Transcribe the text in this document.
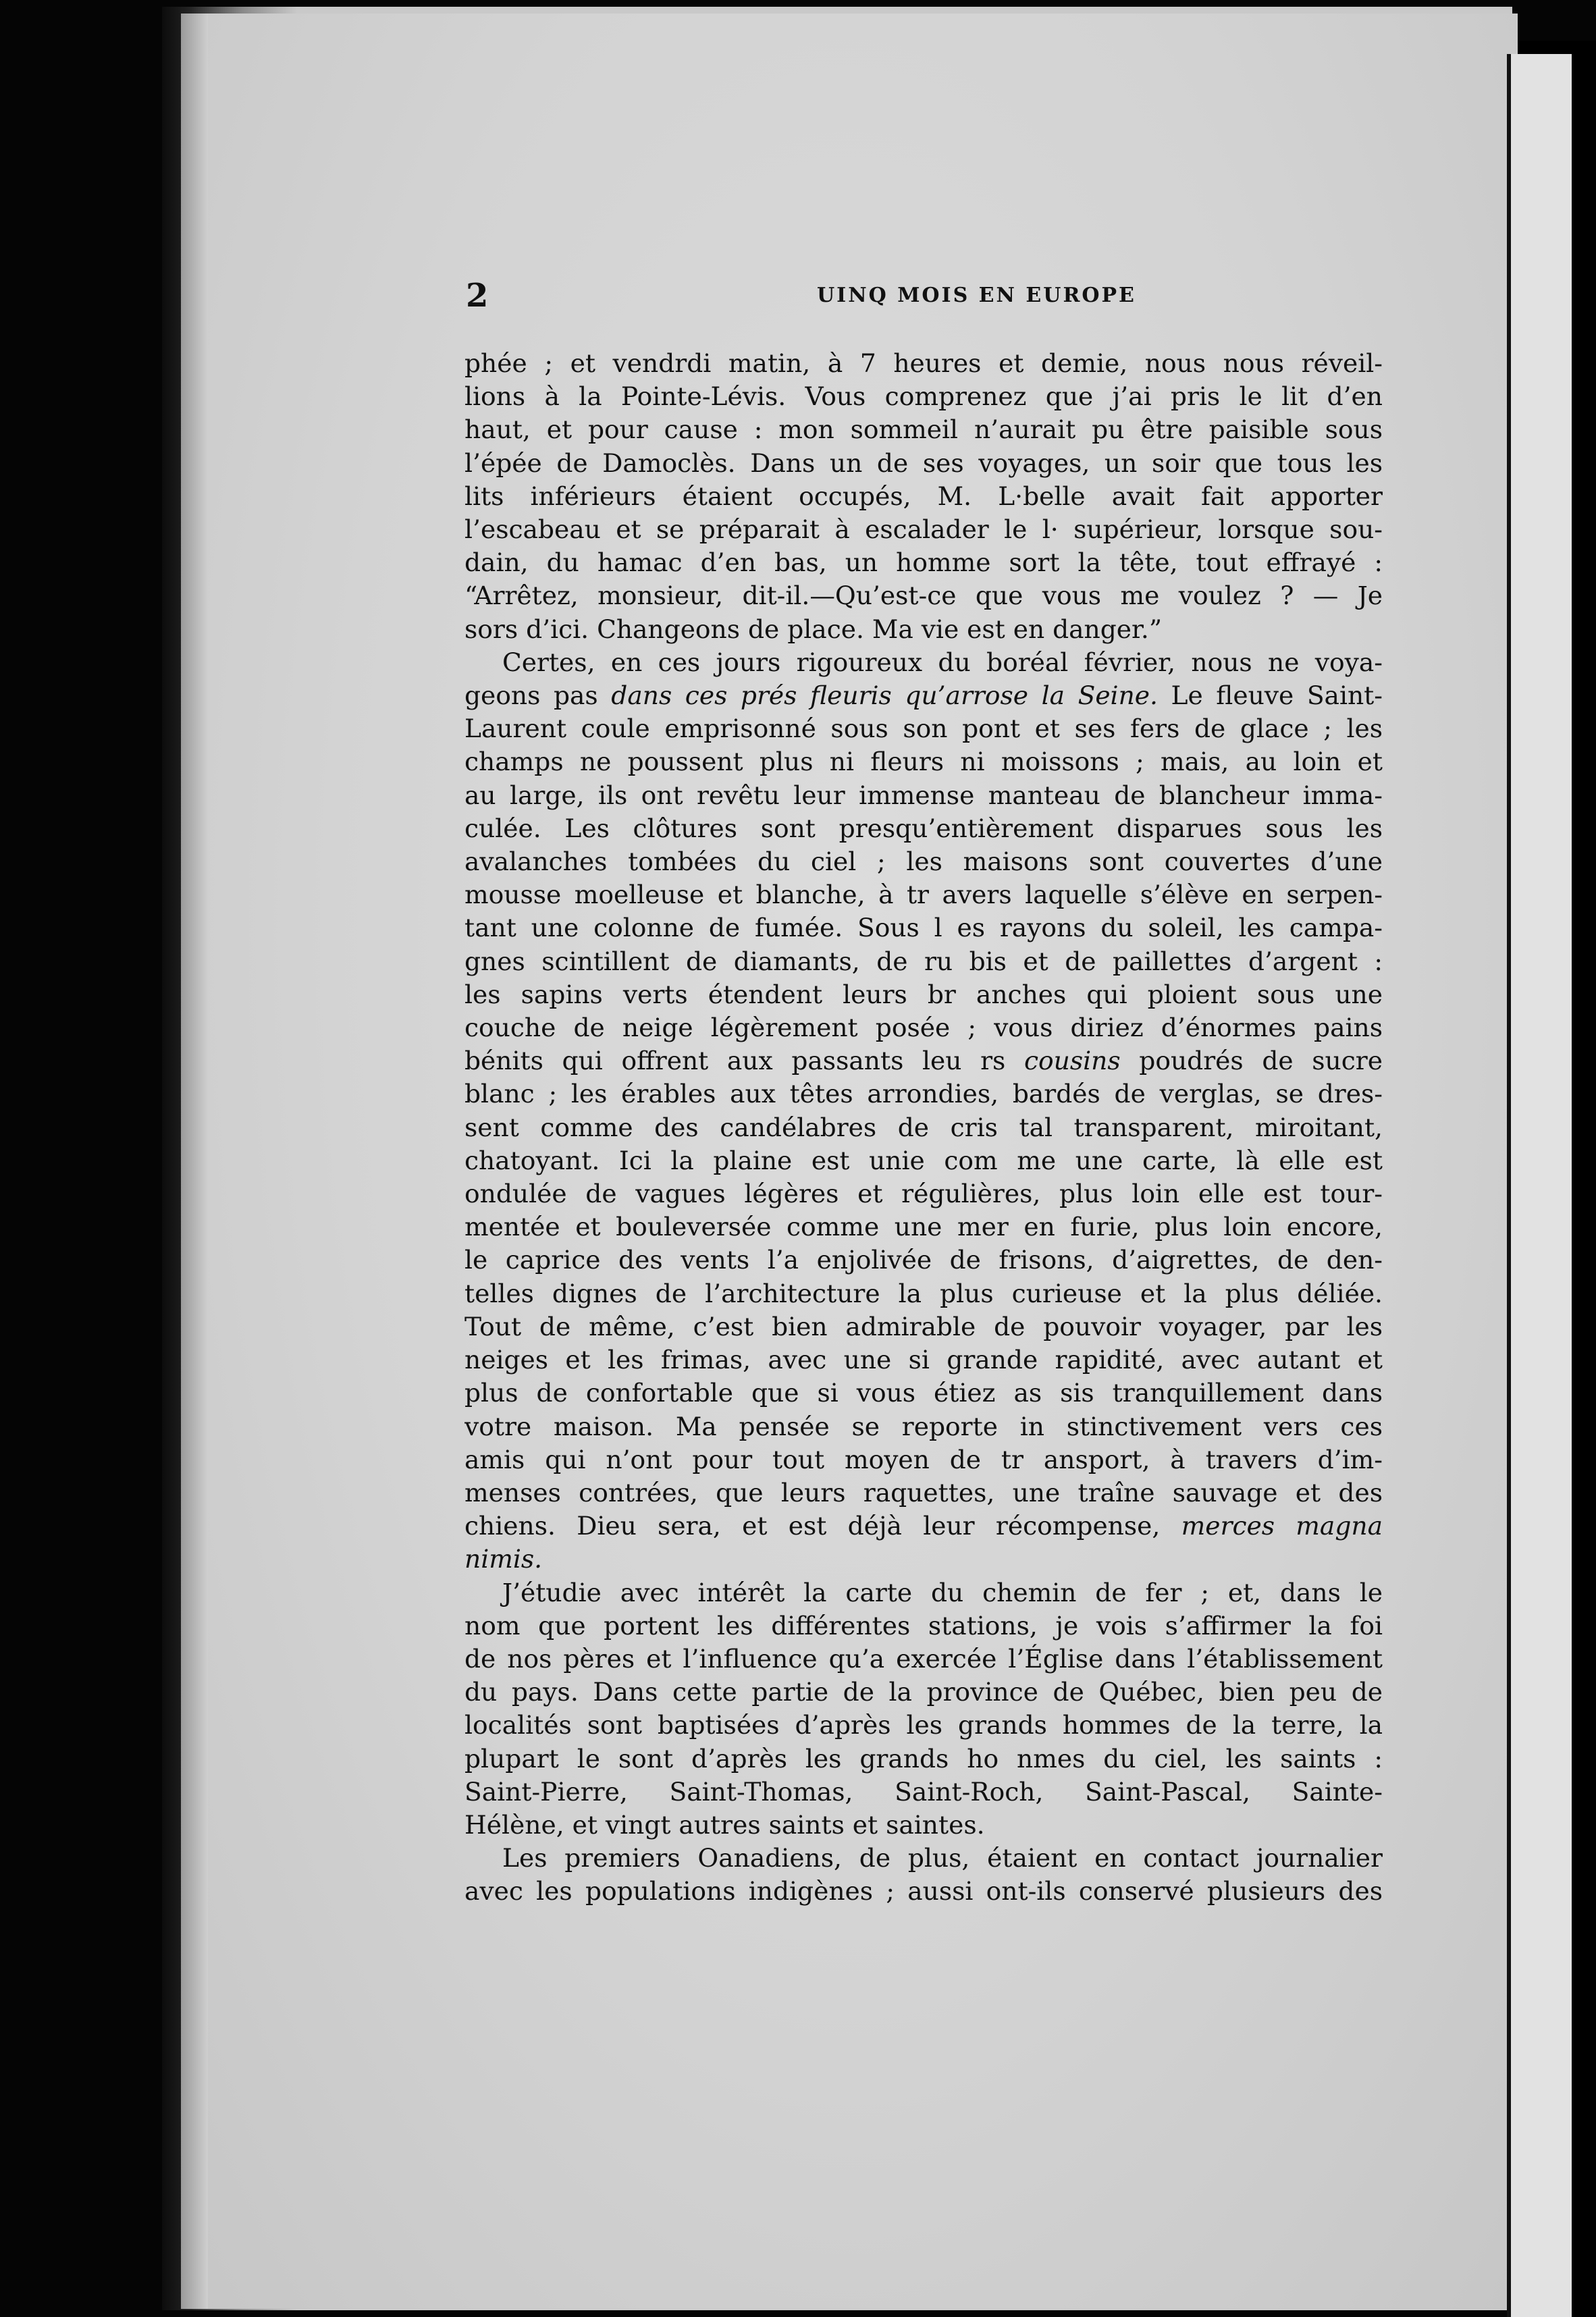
2	UINQ MOIS EN EUROPE
phée ; et vendrdi matin, à 7 heures et demie, nous nous réveil-
lions à la Pointe-Lévis. Vous comprenez que j’ai pris le lit d’en
haut, et pour cause : mon sommeil n’aurait pu être paisible sous
l’épée de Damoclès. Dans un de ses voyages, un soir que tous les
lits inférieurs étaient occupés, M. L·belle avait fait apporter
l’escabeau et se préparait à escalader le l· supérieur, lorsque sou-
dain, du hamac d’en bas, un homme sort la tête, tout effrayé :
“Arrêtez, monsieur, dit-il.—Qu’est-ce que vous me voulez ? — Je
sors d’ici. Changeons de place. Ma vie est en danger.”
Certes, en ces jours rigoureux du boréal février, nous ne voya-
geons pas dans ces prés fleuris qu’arrose la Seine. Le fleuve Saint-
Laurent coule emprisonné sous son pont et ses fers de glace ; les
champs ne poussent plus ni fleurs ni moissons ; mais, au loin et
au large, ils ont revêtu leur immense manteau de blancheur imma-
culée. Les clôtures sont presqu’entièrement disparues sous les
avalanches tombées du ciel ; les maisons sont couvertes d’une
mousse moelleuse et blanche, à tr avers laquelle s’élève en serpen-
tant une colonne de fumée. Sous l es rayons du soleil, les campa-
gnes scintillent de diamants, de ru bis et de paillettes d’argent :
les sapins verts étendent leurs br anches qui ploient sous une
couche de neige légèrement posée ; vous diriez d’énormes pains
bénits qui offrent aux passants leu rs cousins poudrés de sucre
blanc ; les érables aux têtes arrondies, bardés de verglas, se dres-
sent comme des candélabres de cris tal transparent, miroitant,
chatoyant. Ici la plaine est unie com me une carte, là elle est
ondulée de vagues légères et régulières, plus loin elle est tour-
mentée et bouleversée comme une mer en furie, plus loin encore,
le caprice des vents l’a enjolivée de frisons, d’aigrettes, de den-
telles dignes de l’architecture la plus curieuse et la plus déliée.
Tout de même, c’est bien admirable de pouvoir voyager, par les
neiges et les frimas, avec une si grande rapidité, avec autant et
plus de confortable que si vous étiez as sis tranquillement dans
votre maison. Ma pensée se reporte in stinctivement vers ces
amis qui n’ont pour tout moyen de tr ansport, à travers d’im-
menses contrées, que leurs raquettes, une traîne sauvage et des
chiens. Dieu sera, et est déjà leur récompense, merces magna
nimis.
J’étudie avec intérêt la carte du chemin de fer ; et, dans le
nom que portent les différentes stations, je vois s’affirmer la foi
de nos pères et l’influence qu’a exercée l’Église dans l’établissement
du pays. Dans cette partie de la province de Québec, bien peu de
localités sont baptisées d’après les grands hommes de la terre, la
plupart le sont d’après les grands ho nmes du ciel, les saints :
Saint-Pierre, Saint-Thomas, Saint-Roch, Saint-Pascal, Sainte-
Hélène, et vingt autres saints et saintes.
Les premiers Oanadiens, de plus, étaient en contact journalier
avec les populations indigènes ; aussi ont-ils conservé plusieurs des
